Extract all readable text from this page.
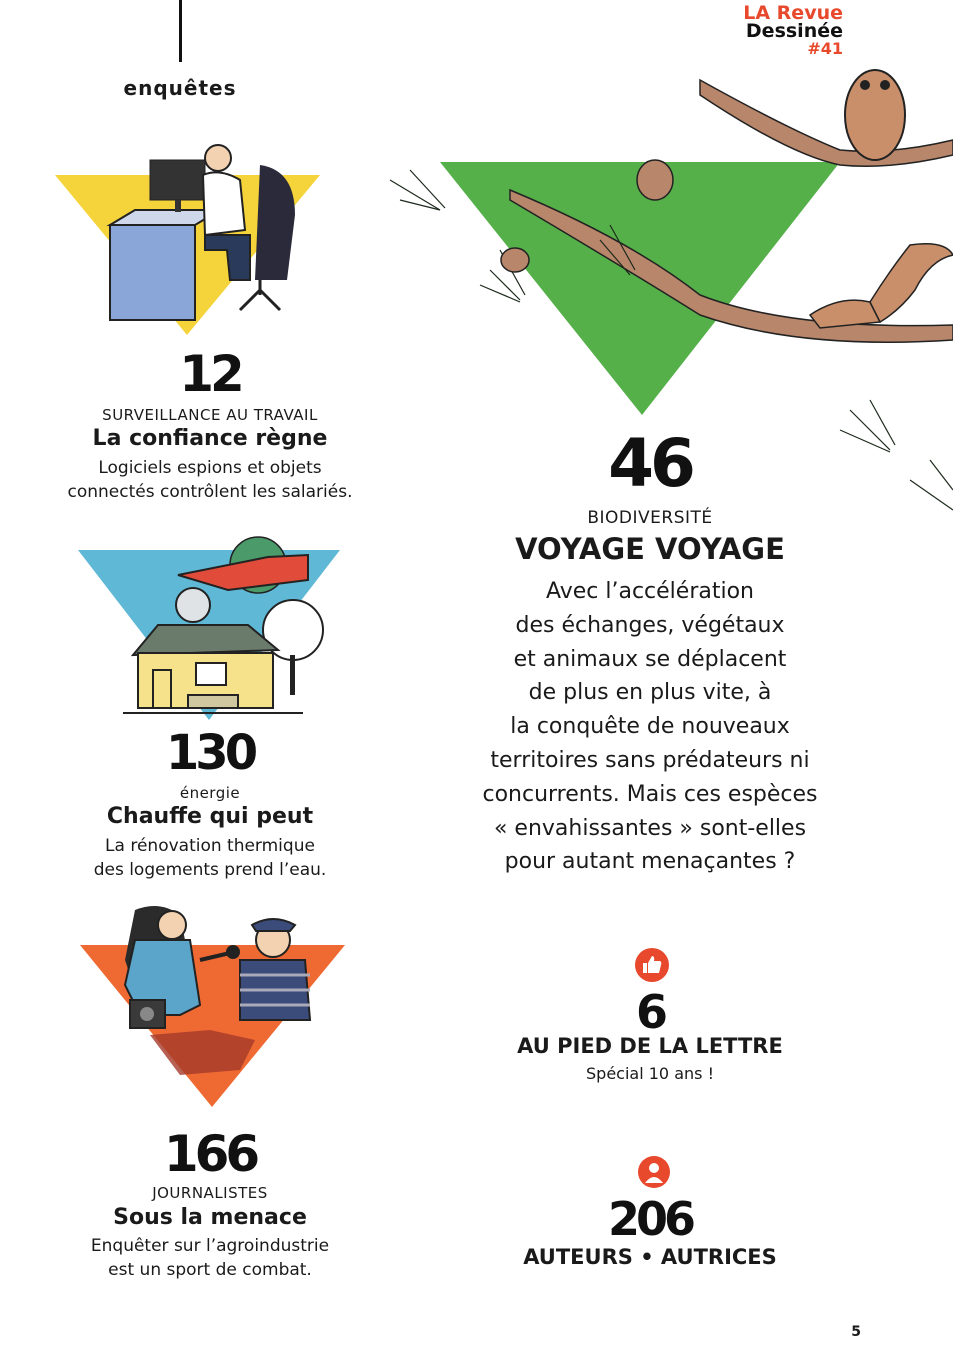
enquêtes
LA Revue
Dessinée
#41
12
SURVEILLANCE AU TRAVAIL
La confiance règne
Logiciels espions et objets
connectés contrôlent les salariés.
130
énergie
Chauffe qui peut
La rénovation thermique
des logements prend l’eau.
166
JOURNALISTES
Sous la menace
Enquêter sur l’agroindustrie
est un sport de combat.
46
BIODIVERSITÉ
VOYAGE VOYAGE
Avec l’accélération
des échanges, végétaux
et animaux se déplacent
de plus en plus vite, à
la conquête de nouveaux
territoires sans prédateurs ni
concurrents. Mais ces espèces
« envahissantes » sont-elles
pour autant menaçantes ?
6
AU PIED DE LA LETTRE
Spécial 10 ans !
206
AUTEURS • AUTRICES
5
